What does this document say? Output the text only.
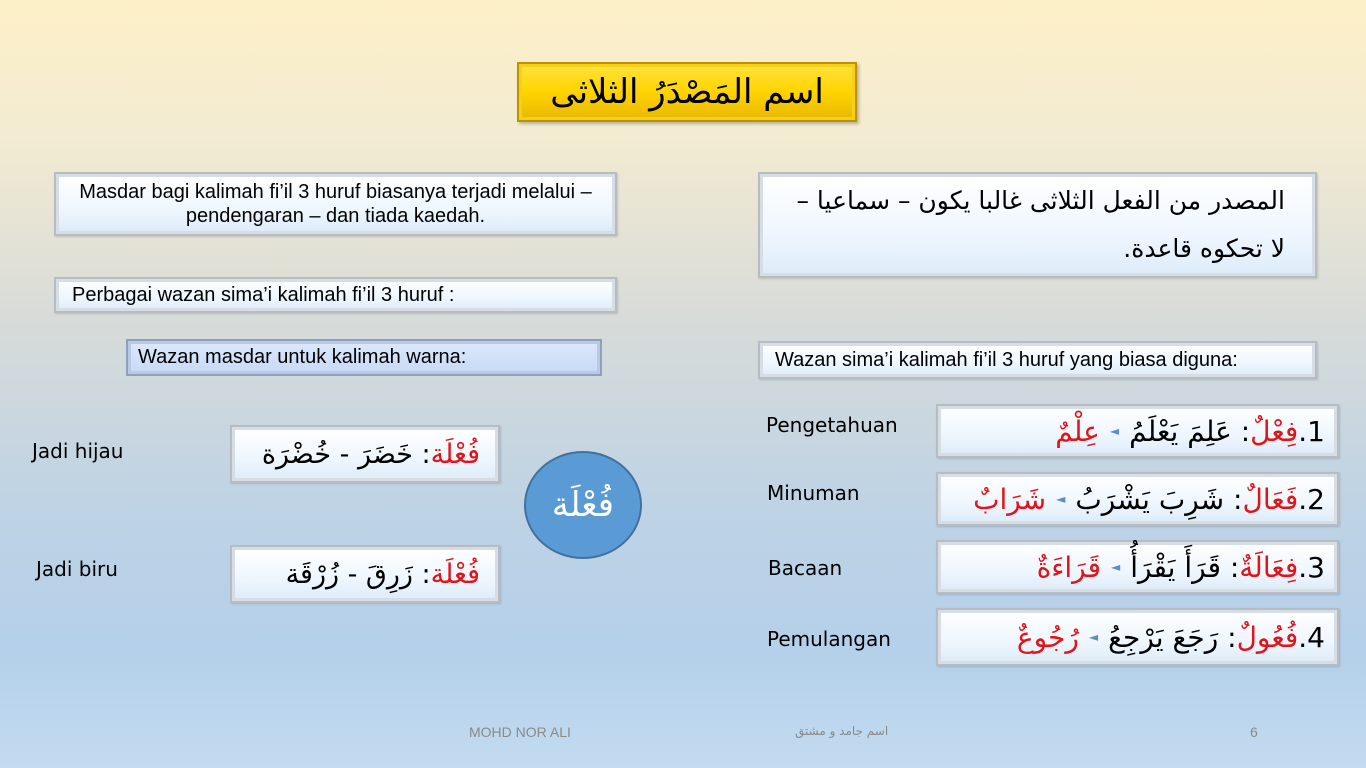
اسم المَصْدَرُ الثلاثى
Masdar bagi kalimah fi’il 3 huruf biasanya terjadi melalui – pendengaran – dan tiada kaedah.
Perbagai wazan sima’i kalimah fi’il 3 huruf :
Wazan masdar untuk kalimah warna:
Jadi hijau
Jadi biru
فُعْلَة
: خَضَرَ - خُضْرَة
فُعْلَة
: زَرِقَ - زُرْقَة
فُعْلَة
المصدر من الفعل الثلاثى غالبا يكون – سماعيا – لا تحكوه قاعدة.
Wazan sima’i kalimah fi’il 3 huruf yang biasa diguna:
Pengetahuan
Minuman
Bacaan
Pemulangan
1.
فِعْلٌ
: عَلِمَ يَعْلَمُ
◄
عِلْمٌ
2.
فَعَالٌ
: شَرِبَ يَشْرَبُ
◄
شَرَابٌ
3.
فِعَالَةٌ
: قَرَأَ يَقْرَأُ
◄
قَرَاءَةٌ
4.
فُعُولٌ
: رَجَعَ يَرْجِعُ
◄
رُجُوعٌ
MOHD NOR ALI	اسم جامد و مشتق	6
